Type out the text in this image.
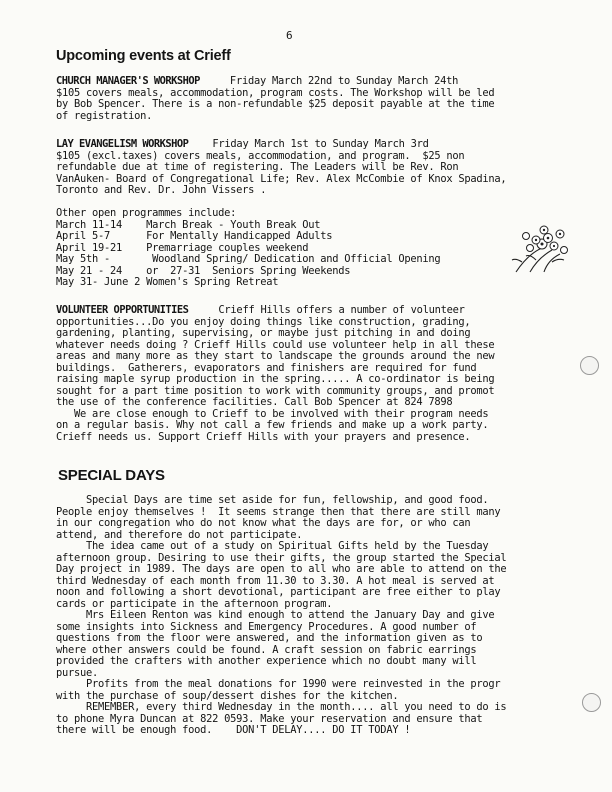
6
Upcoming events at Crieff
CHURCH MANAGER'S WORKSHOP     Friday March 22nd to Sunday March 24th
$105 covers meals, accommodation, program costs. The Workshop will be led
by Bob Spencer. There is a non-refundable $25 deposit payable at the time
of registration.
LAY EVANGELISM WORKSHOP    Friday March 1st to Sunday March 3rd
$105 (excl.taxes) covers meals, accommodation, and program.  $25 non
refundable due at time of registering. The Leaders will be Rev. Ron
VanAuken- Board of Congregational Life; Rev. Alex McCombie of Knox Spadina,
Toronto and Rev. Dr. John Vissers .
Other open programmes include:
March 11-14 March Break - Youth Break Out
April 5-7	For Mentally Handicapped Adults
April 19-21 Premarriage couples weekend
May 5th -	Woodland Spring/ Dedication and Official Opening
May 21 - 24 or  27-31  Seniors Spring Weekends
May 31- June 2 Women's Spring Retreat
VOLUNTEER OPPORTUNITIES     Crieff Hills offers a number of volunteer
opportunities...Do you enjoy doing things like construction, grading,
gardening, planting, supervising, or maybe just pitching in and doing
whatever needs doing ? Crieff Hills could use volunteer help in all these
areas and many more as they start to landscape the grounds around the new
buildings.  Gatherers, evaporators and finishers are required for fund
raising maple syrup production in the spring..... A co-ordinator is being
sought for a part time position to work with community groups, and promot
the use of the conference facilities. Call Bob Spencer at 824 7898
We are close enough to Crieff to be involved with their program needs
on a regular basis. Why not call a few friends and make up a work party.
Crieff needs us. Support Crieff Hills with your prayers and presence.
SPECIAL DAYS
Special Days are time set aside for fun, fellowship, and good food.
People enjoy themselves !  It seems strange then that there are still many
in our congregation who do not know what the days are for, or who can
attend, and therefore do not participate.
The idea came out of a study on Spiritual Gifts held by the Tuesday
afternoon group. Desiring to use their gifts, the group started the Special
Day project in 1989. The days are open to all who are able to attend on the
third Wednesday of each month from 11.30 to 3.30. A hot meal is served at
noon and following a short devotional, participant are free either to play
cards or participate in the afternoon program.
Mrs Eileen Renton was kind enough to attend the January Day and give
some insights into Sickness and Emergency Procedures. A good number of
questions from the floor were answered, and the information given as to
where other answers could be found. A craft session on fabric earrings
provided the crafters with another experience which no doubt many will
pursue.
Profits from the meal donations for 1990 were reinvested in the progr
with the purchase of soup/dessert dishes for the kitchen.
REMEMBER, every third Wednesday in the month.... all you need to do is
to phone Myra Duncan at 822 0593. Make your reservation and ensure that
there will be enough food.    DON'T DELAY.... DO IT TODAY !
